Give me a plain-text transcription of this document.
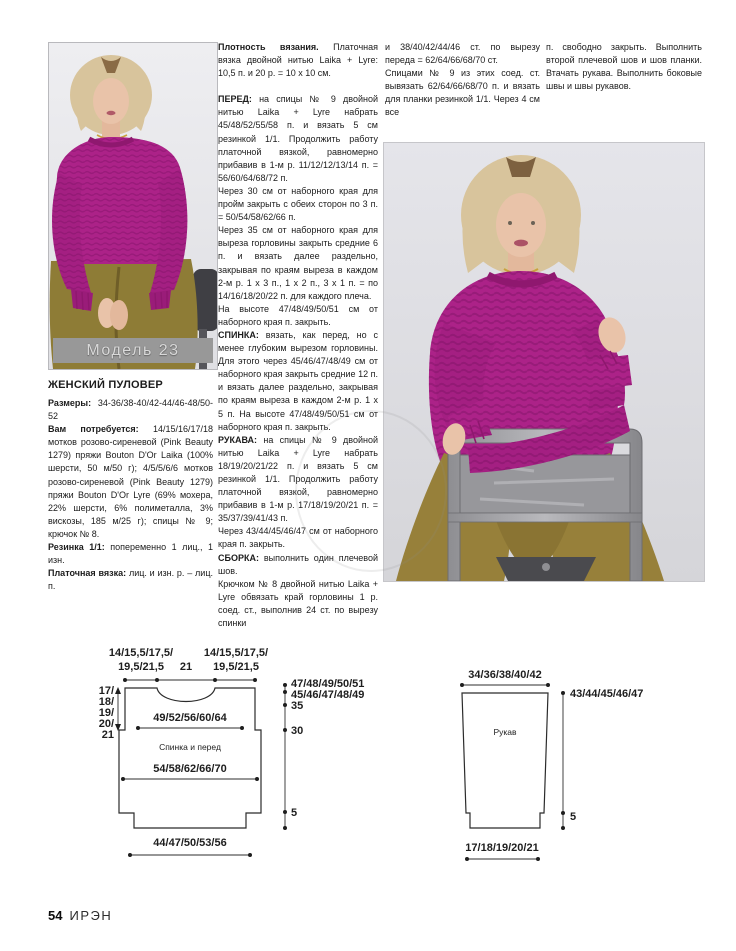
Модель 23
ЖЕНСКИЙ ПУЛОВЕР

Размеры: 34-36/38-40/42-44/46-48/50-52

Вам потребуется: 14/15/16/17/18 мотков розово-сиреневой (Pink Beauty 1279) пряжи Bouton D'Or Laika (100% шерсти, 50 м/50 г); 4/5/5/6/6 мотков розово-сиреневой (Pink Beauty 1279) пряжи Bouton D'Or Lyre (69% мохера, 22% шерсти, 6% полиметалла, 3% вискозы, 185 м/25 г); спицы № 9; крючок № 8.

Резинка 1/1: попеременно 1 лиц., 1 изн.

Платочная вязка: лиц. и изн. р. – лиц. п.

Плотность вязания. Платочная вязка двойной нитью Laika + Lyre: 10,5 п. и 20 р. = 10 х 10 см.

ПЕРЕД: на спицы № 9 двойной нитью Laika + Lyre набрать 45/48/52/55/58 п. и вязать 5 см резинкой 1/1. Продолжить работу платочной вязкой, равномерно прибавив в 1-м р. 11/12/12/13/14 п. = 56/60/64/68/72 п.

Через 30 см от наборного края для пройм закрыть с обеих сторон по 3 п. = 50/54/58/62/66 п.

Через 35 см от наборного края для выреза горловины закрыть средние 6 п. и вязать далее раздельно, закрывая по краям выреза в каждом 2-м р. 1 х 3 п., 1 х 2 п., 3 х 1 п. = по 14/16/18/20/22 п. для каждого плеча.

На высоте 47/48/49/50/51 см от наборного края п. закрыть.

СПИНКА: вязать, как перед, но с менее глубоким вырезом горловины. Для этого через 45/46/47/48/49 см от наборного края закрыть средние 12 п. и вязать далее раздельно, закрывая по краям выреза в каждом 2-м р. 1 х 5 п. На высоте 47/48/49/50/51 см от наборного края п. закрыть.

РУКАВА: на спицы № 9 двойной нитью Laika + Lyre набрать 18/19/20/21/22 п. и вязать 5 см резинкой 1/1. Продолжить работу платочной вязкой, равномерно прибавив в 1-м р. 17/18/19/20/21 п. = 35/37/39/41/43 п.

Через 43/44/45/46/47 см от наборного края п. закрыть.

СБОРКА: выполнить один плечевой шов.

Крючком № 8 двойной нитью Laika + Lyre обвязать край горловины 1 р. соед. ст., выполнив 24 ст. по вырезу спинки

и 38/40/42/44/46 ст. по вырезу переда = 62/64/66/68/70 ст.

Спицами № 9 из этих соед. ст. вывязать 62/64/66/68/70 п. и вязать для планки резинкой 1/1. Через 4 см все

п. свободно закрыть. Выполнить второй плечевой шов и шов планки. Втачать рукава. Выполнить боковые швы и швы рукавов.

14/15,5/17,5/
19,5/21,5 21
14/15,5/17,5/
19,5/21,5
17/
18/
19/
20/
21
49/52/56/60/64
Спинка и перед
54/58/62/66/70
44/47/50/53/56
47/48/49/50/51
45/46/47/48/49
35
30
5
34/36/38/40/42
Рукав
43/44/45/46/47
5
17/18/19/20/21
54 ИРЭН
